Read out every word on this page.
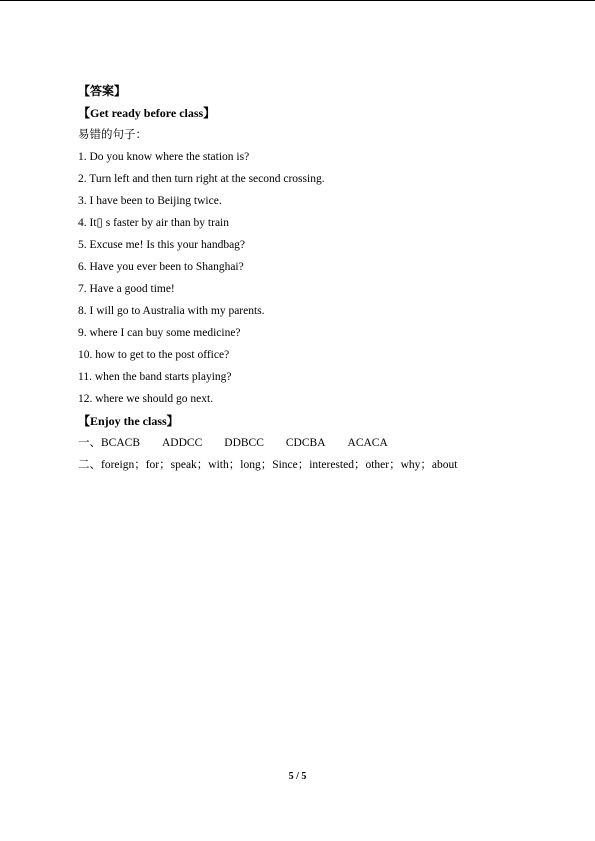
【答案】
【Get ready before class】
易错的句子：
1. Do you know where the station is?
2. Turn left and then turn right at the second crossing.
3. I have been to Beijing twice.
4. It▯ s faster by air than by train
5. Excuse me! Is this your handbag?
6. Have you ever been to Shanghai?
7. Have a good time!
8. I will go to Australia with my parents.
9. where I can buy some medicine?
10. how to get to the post office?
11. when the band starts playing?
12. where we should go next.
【Enjoy the class】
一、BCACB ADDCC DDBCC CDCBA ACACA
二、foreign；for；speak；with；long；Since；interested；other；why；about
5 / 5
